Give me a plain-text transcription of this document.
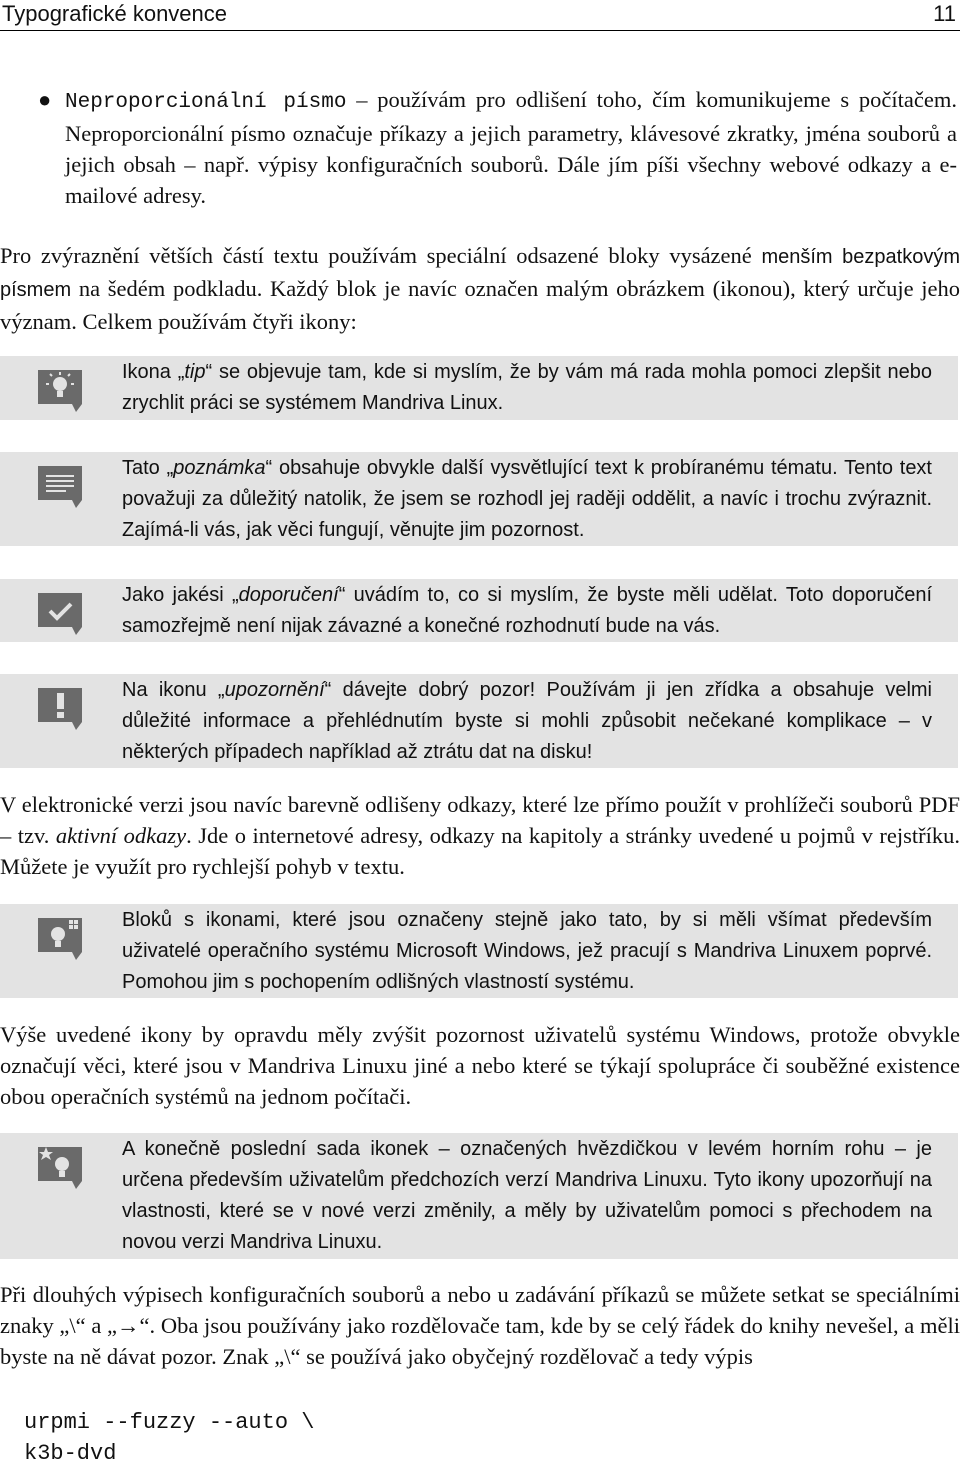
Typografické konvence	11
● Neproporcionální písmo – používám pro odlišení toho, čím komunikujeme s počítačem. Neproporcionální písmo označuje příkazy a jejich parametry, klávesové zkratky, jména souborů a jejich obsah – např. výpisy konfiguračních souborů. Dále jím píši všechny webové odkazy a e-mailové adresy.
Pro zvýraznění větších částí textu používám speciální odsazené bloky vysázené menším bezpatkovým písmem na šedém podkladu. Každý blok je navíc označen malým obrázkem (ikonou), který určuje jeho význam. Celkem používám čtyři ikony:
Ikona „tip“ se objevuje tam, kde si myslím, že by vám má rada mohla pomoci zlepšit nebo zrychlit práci se systémem Mandriva Linux.
Tato „poznámka“ obsahuje obvykle další vysvětlující text k probíranému tématu. Tento text považuji za důležitý natolik, že jsem se rozhodl jej raději oddělit, a navíc i trochu zvýraznit. Zajímá-li vás, jak věci fungují, věnujte jim pozornost.
Jako jakési „doporučení“ uvádím to, co si myslím, že byste měli udělat. Toto doporučení samozřejmě není nijak závazné a konečné rozhodnutí bude na vás.
Na ikonu „upozornění“ dávejte dobrý pozor! Používám ji jen zřídka a obsahuje velmi důležité informace a přehlédnutím byste si mohli způsobit nečekané komplikace – v některých případech například až ztrátu dat na disku!
V elektronické verzi jsou navíc barevně odlišeny odkazy, které lze přímo použít v prohlížeči souborů PDF – tzv. aktivní odkazy. Jde o internetové adresy, odkazy na kapitoly a stránky uvedené u pojmů v rejstříku. Můžete je využít pro rychlejší pohyb v textu.
Bloků s ikonami, které jsou označeny stejně jako tato, by si měli všímat především uživatelé operačního systému Microsoft Windows, jež pracují s Mandriva Linuxem poprvé. Pomohou jim s pochopením odlišných vlastností systému.
Výše uvedené ikony by opravdu měly zvýšit pozornost uživatelů systému Windows, protože obvykle označují věci, které jsou v Mandriva Linuxu jiné a nebo které se týkají spolupráce či souběžné existence obou operačních systémů na jednom počítači.
A konečně poslední sada ikonek – označených hvězdičkou v levém horním rohu – je určena především uživatelům předchozích verzí Mandriva Linuxu. Tyto ikony upozorňují na vlastnosti, které se v nové verzi změnily, a měly by uživatelům pomoci s přechodem na novou verzi Mandriva Linuxu.
Při dlouhých výpisech konfiguračních souborů a nebo u zadávání příkazů se můžete setkat se speciálními znaky „\“ a „→“. Oba jsou používány jako rozdělovače tam, kde by se celý řádek do knihy nevešel, a měli byste na ně dávat pozor. Znak „\“ se používá jako obyčejný rozdělovač a tedy výpis
urpmi --fuzzy --auto \
k3b-dvd
